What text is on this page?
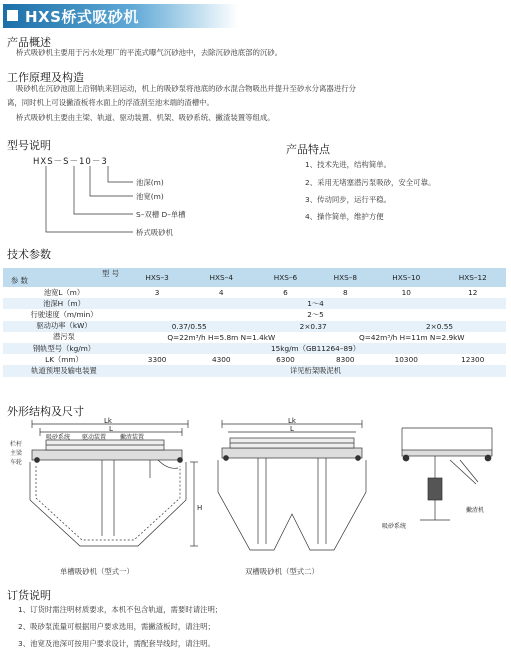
HXS桥式吸砂机
产品概述
桥式吸砂机主要用于污水处理厂的平流式曝气沉砂池中，去除沉砂池底部的沉砂。
工作原理及构造
吸砂机在沉砂池面上沿钢轨来回运动，机上的吸砂泵将池底的砂水混合物吸出并提升至砂水分离器进行分
离，同时机上可设撇渣板将水面上的浮渣刮至池末端的渣槽中。
桥式吸砂机主要由主梁、轨道、驱动装置、机架、吸砂系统、撇渣装置等组成。
型号说明
HXS－S－10－3
池深(m)
池宽(m)
S–双槽 D–单槽
桥式吸砂机
产品特点
1、技术先进，结构简单。
2、采用无堵塞潜污泵吸砂，安全可靠。
3、传动同步，运行平稳。
4、操作简单，维护方便
技术参数
型 号
参 数	HXS–3	HXS–4	HXS–6	HXS–8	HXS–10	HXS–12
池宽L（m）	3	4	6	8	10	12
池深H（m）	1～4					
行驶速度（m/min）	2～5					
驱动功率（kW）	0.37/0.55		2×0.37		2×0.55	
潜污泵	Q=22m³/h H=5.8m N=1.4kW			Q=42m³/h H=11m N=2.9kW		
钢轨型号（kg/m）	15kg/m（GB11264–89）					
LK（mm）	3300	4300	6300	8300	10300	12300
轨道预埋及输电装置	详见桁架吸泥机					
外形结构及尺寸
Lk
L
H
栏杆
主梁
车轮
吸砂系统 驱动装置 撇渣装置
单槽吸砂机（型式一）
Lk
L
双槽吸砂机（型式二）
吸砂系统
撇渣机
订货说明
1、订货时需注明材质要求，本机不包含轨道，需要时请注明；
2、吸砂泵流量可根据用户要求选用，需撇渣板时，请注明；
3、池宽及池深可按用户要求设计，需配套导线时，请注明。
